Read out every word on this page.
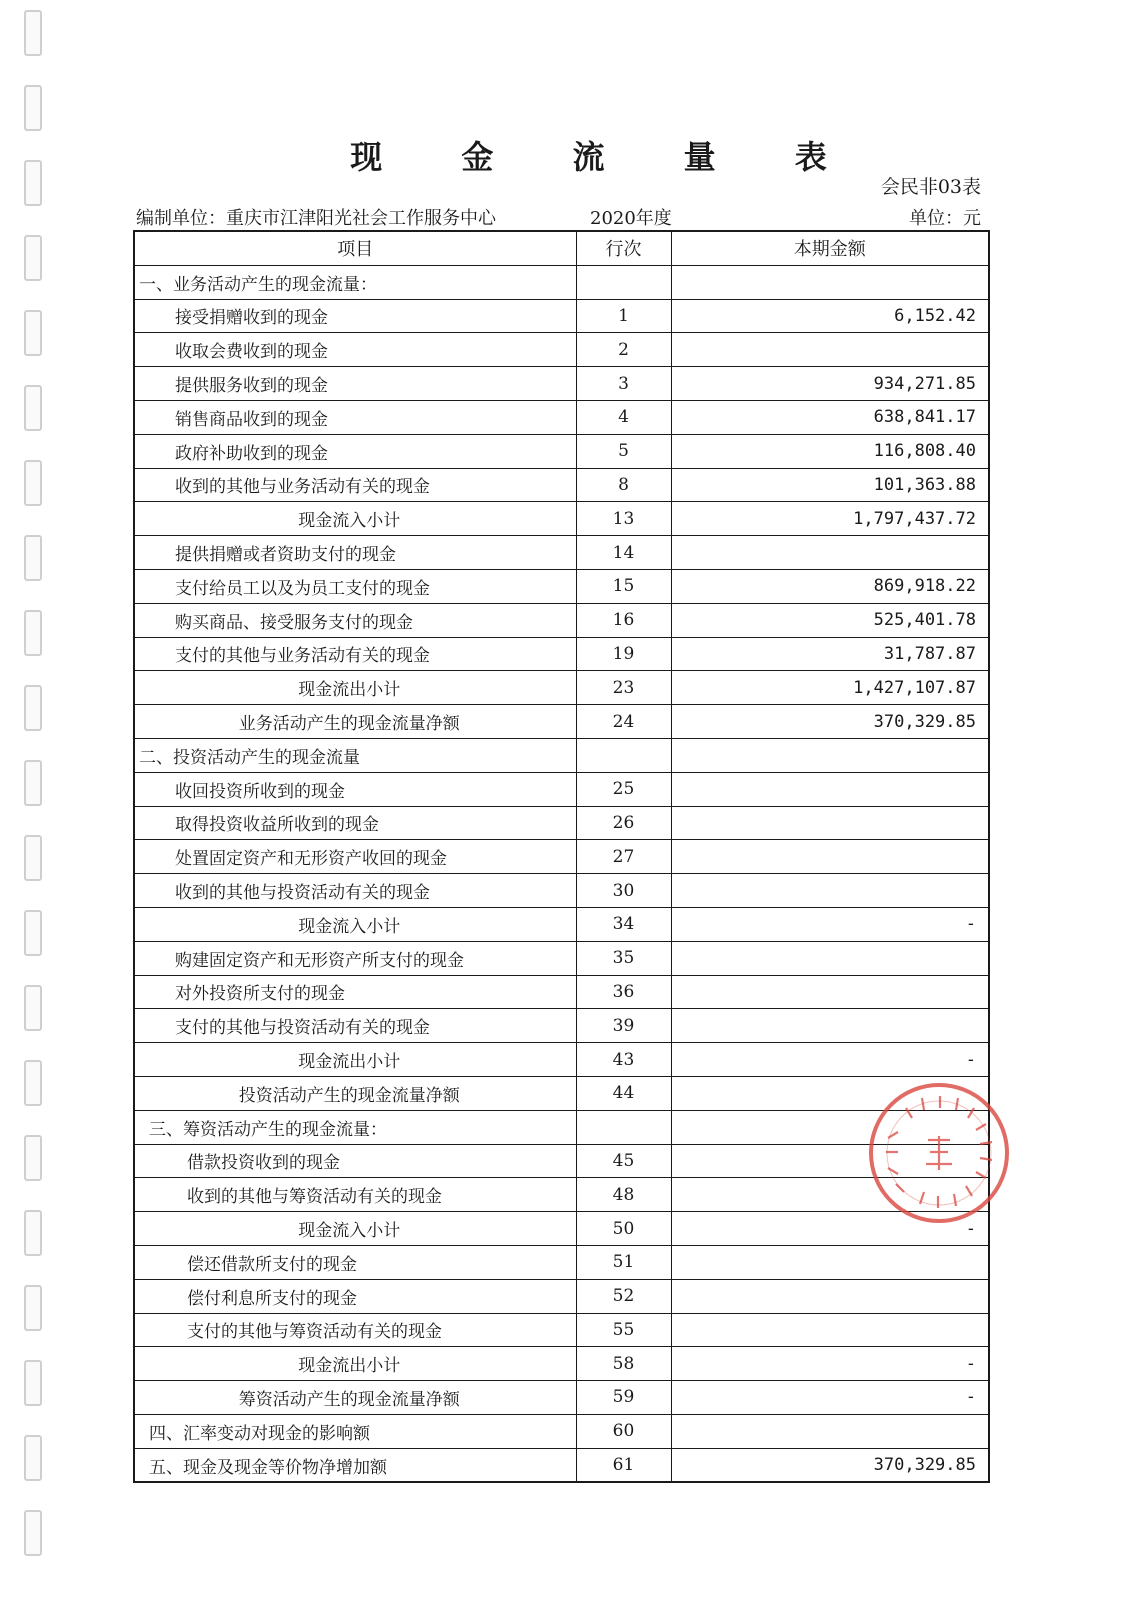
现 金 流 量 表
会民非03表
编制单位：重庆市江津阳光社会工作服务中心	2020年度	单位：元
项目	行次	本期金额
一、业务活动产生的现金流量：		
接受捐赠收到的现金	1	6,152.42
收取会费收到的现金	2	
提供服务收到的现金	3	934,271.85
销售商品收到的现金	4	638,841.17
政府补助收到的现金	5	116,808.40
收到的其他与业务活动有关的现金	8	101,363.88
现金流入小计	13	1,797,437.72
提供捐赠或者资助支付的现金	14	
支付给员工以及为员工支付的现金	15	869,918.22
购买商品、接受服务支付的现金	16	525,401.78
支付的其他与业务活动有关的现金	19	31,787.87
现金流出小计	23	1,427,107.87
业务活动产生的现金流量净额	24	370,329.85
二、投资活动产生的现金流量		
收回投资所收到的现金	25	
取得投资收益所收到的现金	26	
处置固定资产和无形资产收回的现金	27	
收到的其他与投资活动有关的现金	30	
现金流入小计	34	-
购建固定资产和无形资产所支付的现金	35	
对外投资所支付的现金	36	
支付的其他与投资活动有关的现金	39	
现金流出小计	43	-
投资活动产生的现金流量净额	44	
三、筹资活动产生的现金流量：		
借款投资收到的现金	45	
收到的其他与筹资活动有关的现金	48	
现金流入小计	50	-
偿还借款所支付的现金	51	
偿付利息所支付的现金	52	
支付的其他与筹资活动有关的现金	55	
现金流出小计	58	-
筹资活动产生的现金流量净额	59	-
四、汇率变动对现金的影响额	60	
五、现金及现金等价物净增加额	61	370,329.85
